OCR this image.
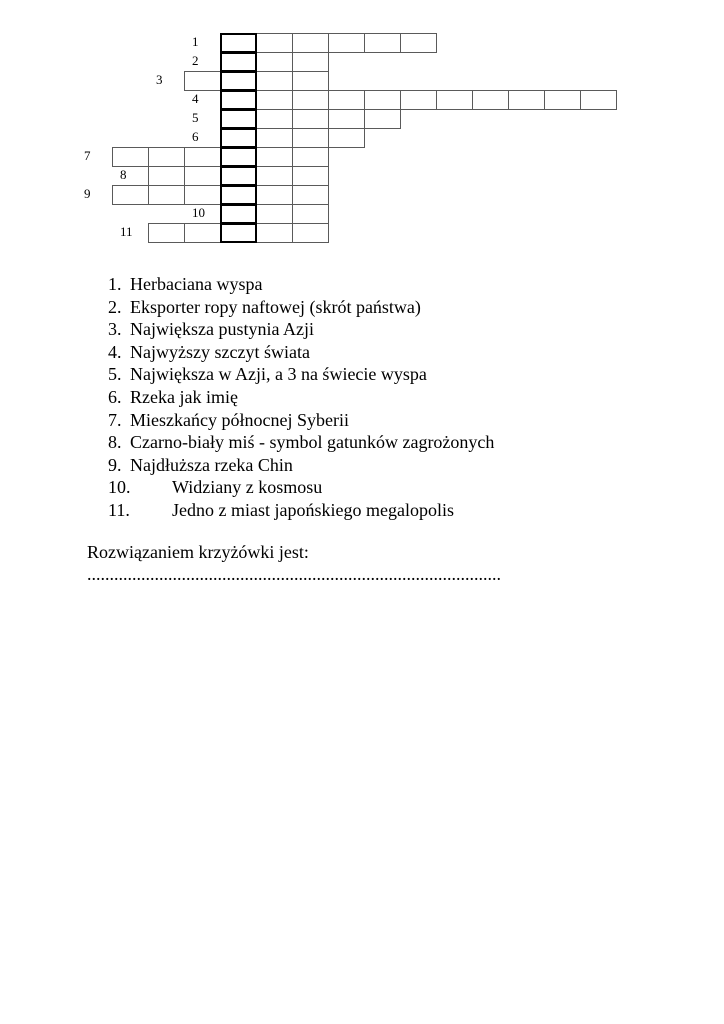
1
2
3
4
5
6
7
8
9
10
11
1. Herbaciana wyspa
2. Eksporter ropy naftowej (skrót państwa)
3. Największa pustynia Azji
4. Najwyższy szczyt świata
5. Największa w Azji, a 3 na świecie wyspa
6. Rzeka jak imię
7. Mieszkańcy północnej Syberii
8. Czarno-biały miś - symbol gatunków zagrożonych
9. Najdłuższa rzeka Chin
10. Widziany z kosmosu
11. Jedno z miast japońskiego megalopolis
Rozwiązaniem krzyżówki jest:
............................................................................................
